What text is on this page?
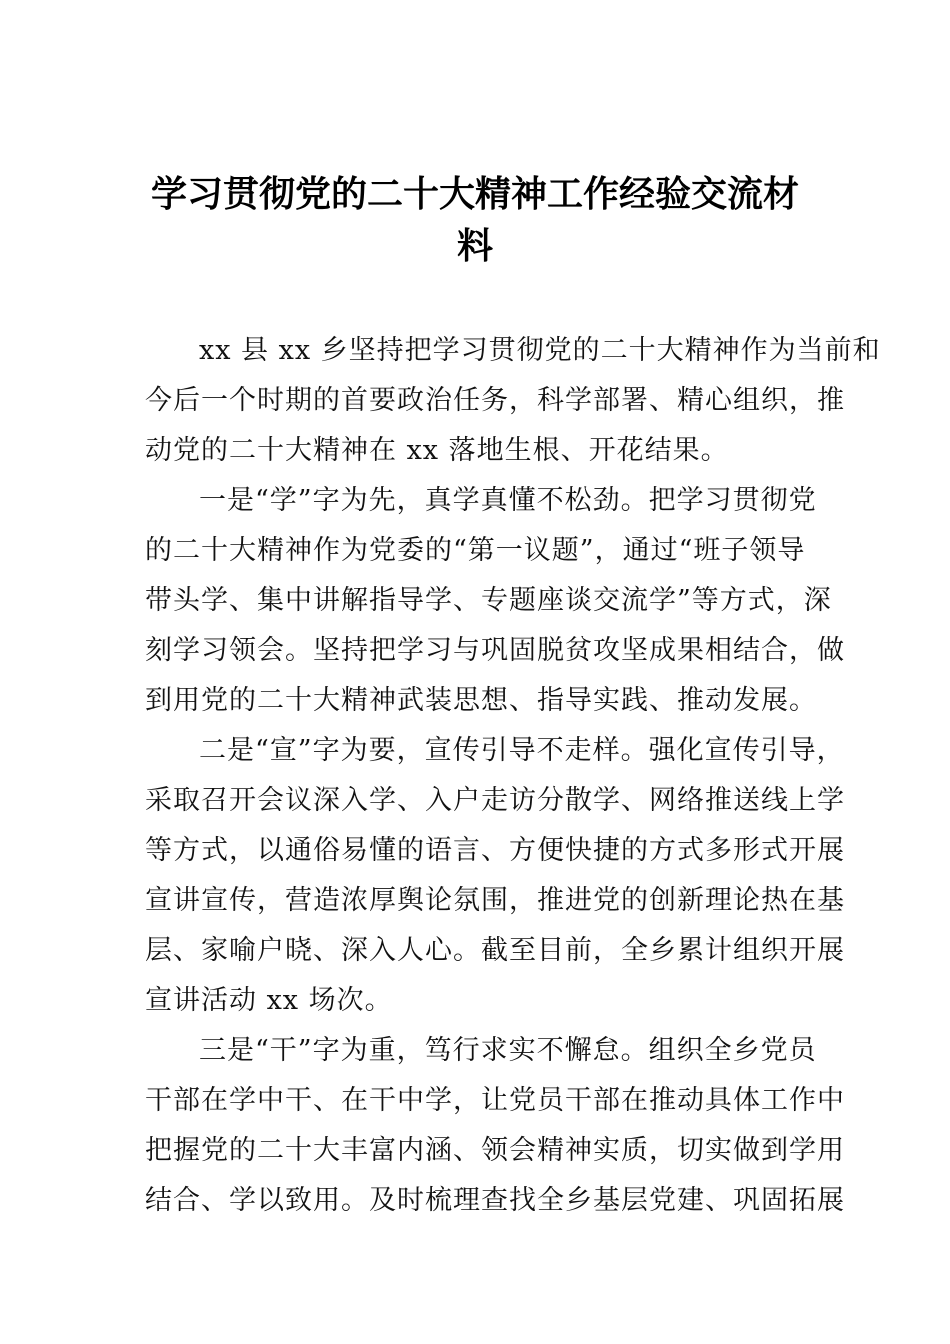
学习贯彻党的二十大精神工作经验交流材
料

xx 县 xx 乡坚持把学习贯彻党的二十大精神作为当前和
今后一个时期的首要政治任务，科学部署、精心组织，推
动党的二十大精神在 xx 落地生根、开花结果。

一是“学”字为先，真学真懂不松劲。把学习贯彻党
的二十大精神作为党委的“第一议题”，通过“班子领导
带头学、集中讲解指导学、专题座谈交流学”等方式，深
刻学习领会。坚持把学习与巩固脱贫攻坚成果相结合，做
到用党的二十大精神武装思想、指导实践、推动发展。

二是“宣”字为要，宣传引导不走样。强化宣传引导，
采取召开会议深入学、入户走访分散学、网络推送线上学
等方式，以通俗易懂的语言、方便快捷的方式多形式开展
宣讲宣传，营造浓厚舆论氛围，推进党的创新理论热在基
层、家喻户晓、深入人心。截至目前，全乡累计组织开展
宣讲活动 xx 场次。

三是“干”字为重，笃行求实不懈怠。组织全乡党员
干部在学中干、在干中学，让党员干部在推动具体工作中
把握党的二十大丰富内涵、领会精神实质，切实做到学用
结合、学以致用。及时梳理查找全乡基层党建、巩固拓展
